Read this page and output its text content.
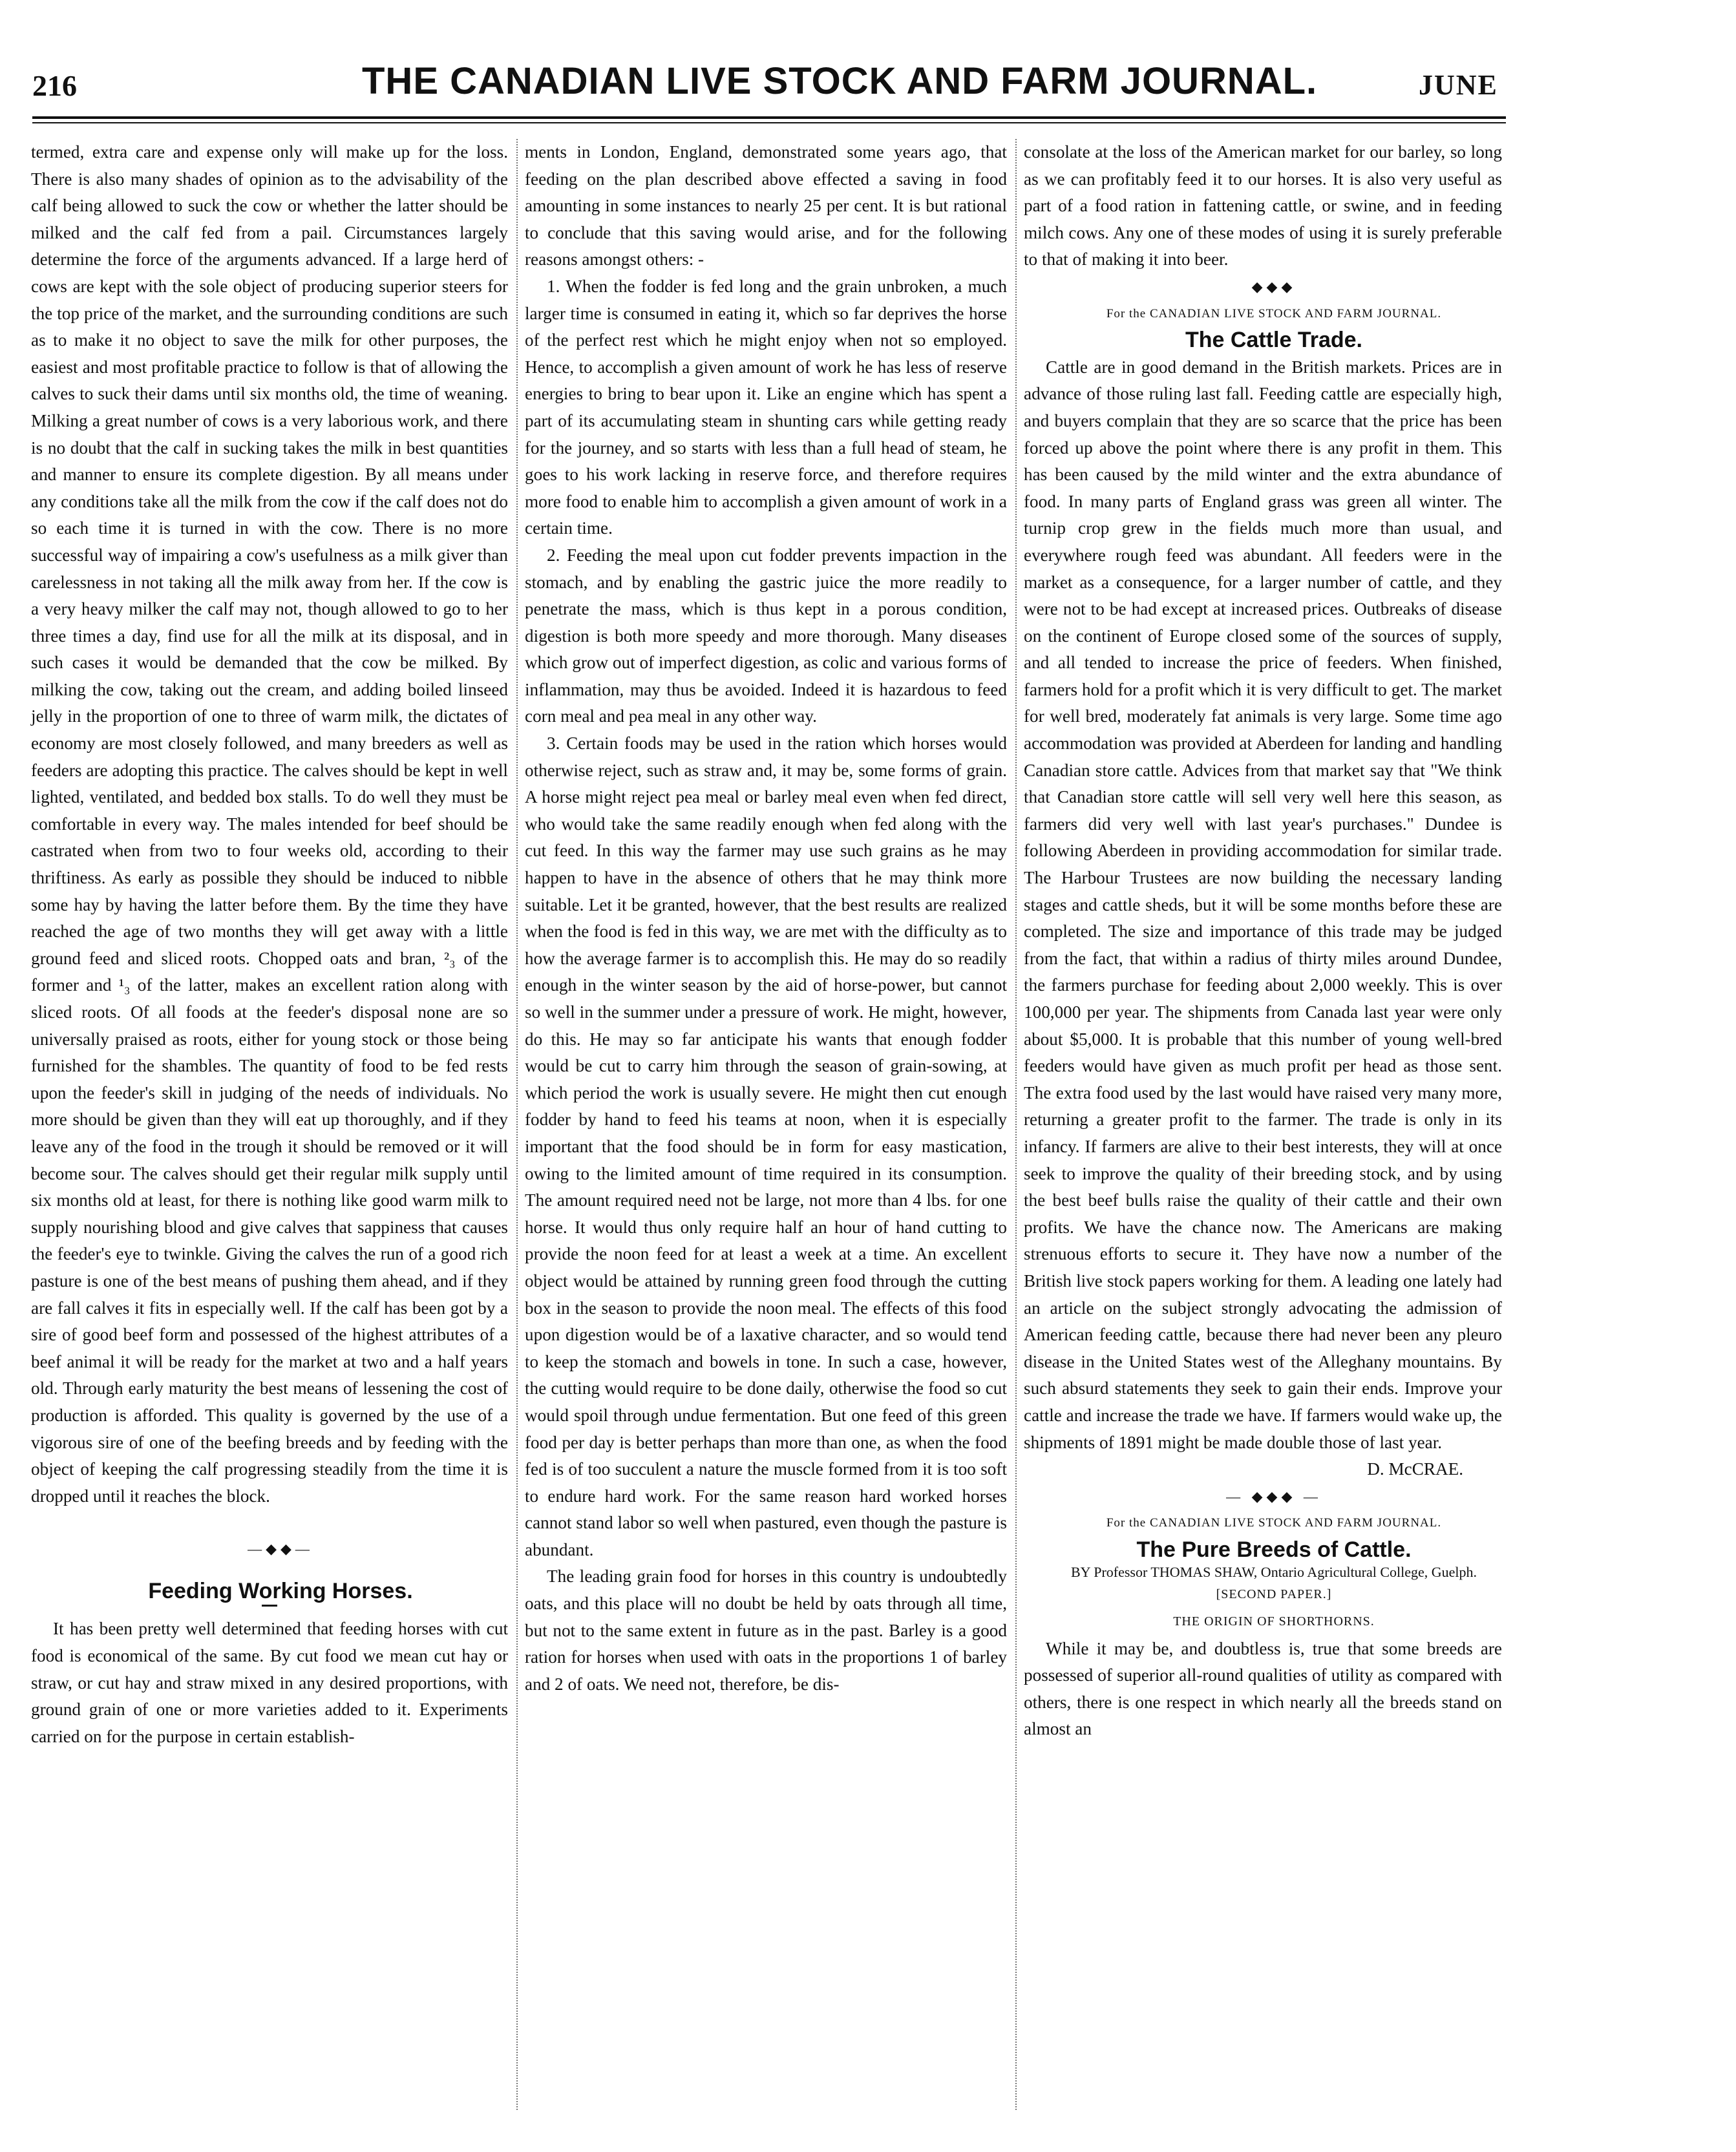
216	THE CANADIAN LIVE STOCK AND FARM JOURNAL.	JUNE

termed, extra care and expense only will make up for the loss. There is also many shades of opinion as to the advisability of the calf being allowed to suck the cow or whether the latter should be milked and the calf fed from a pail. Circumstances largely determine the force of the arguments advanced. If a large herd of cows are kept with the sole object of producing superior steers for the top price of the market, and the surrounding conditions are such as to make it no object to save the milk for other purposes, the easiest and most profitable practice to follow is that of allowing the calves to suck their dams until six months old, the time of weaning. Milking a great number of cows is a very laborious work, and there is no doubt that the calf in sucking takes the milk in best quantities and manner to ensure its complete digestion. By all means under any conditions take all the milk from the cow if the calf does not do so each time it is turned in with the cow. There is no more successful way of impairing a cow's usefulness as a milk giver than carelessness in not taking all the milk away from her. If the cow is a very heavy milker the calf may not, though allowed to go to her three times a day, find use for all the milk at its disposal, and in such cases it would be demanded that the cow be milked. By milking the cow, taking out the cream, and adding boiled linseed jelly in the proportion of one to three of warm milk, the dictates of economy are most closely followed, and many breeders as well as feeders are adopting this practice. The calves should be kept in well lighted, ventilated, and bedded box stalls. To do well they must be comfortable in every way. The males intended for beef should be castrated when from two to four weeks old, according to their thriftiness. As early as possible they should be induced to nibble some hay by having the latter before them. By the time they have reached the age of two months they will get away with a little ground feed and sliced roots. Chopped oats and bran, ²₃ of the former and ¹₃ of the latter, makes an excellent ration along with sliced roots. Of all foods at the feeder's disposal none are so universally praised as roots, either for young stock or those being furnished for the shambles. The quantity of food to be fed rests upon the feeder's skill in judging of the needs of individuals. No more should be given than they will eat up thoroughly, and if they leave any of the food in the trough it should be removed or it will become sour. The calves should get their regular milk supply until six months old at least, for there is nothing like good warm milk to supply nourishing blood and give calves that sappiness that causes the feeder's eye to twinkle. Giving the calves the run of a good rich pasture is one of the best means of pushing them ahead, and if they are fall calves it fits in especially well. If the calf has been got by a sire of good beef form and possessed of the highest attributes of a beef animal it will be ready for the market at two and a half years old. Through early maturity the best means of lessening the cost of production is afforded. This quality is governed by the use of a vigorous sire of one of the beefing breeds and by feeding with the object of keeping the calf progressing steadily from the time it is dropped until it reaches the block.

—◆◆—

Feeding Working Horses.

It has been pretty well determined that feeding horses with cut food is economical of the same. By cut food we mean cut hay or straw, or cut hay and straw mixed in any desired proportions, with ground grain of one or more varieties added to it. Experiments carried on for the purpose in certain establish-

ments in London, England, demonstrated some years ago, that feeding on the plan described above effected a saving in food amounting in some instances to nearly 25 per cent. It is but rational to conclude that this saving would arise, and for the following reasons amongst others: -

1. When the fodder is fed long and the grain unbroken, a much larger time is consumed in eating it, which so far deprives the horse of the perfect rest which he might enjoy when not so employed. Hence, to accomplish a given amount of work he has less of reserve energies to bring to bear upon it. Like an engine which has spent a part of its accumulating steam in shunting cars while getting ready for the journey, and so starts with less than a full head of steam, he goes to his work lacking in reserve force, and therefore requires more food to enable him to accomplish a given amount of work in a certain time.

2. Feeding the meal upon cut fodder prevents impaction in the stomach, and by enabling the gastric juice the more readily to penetrate the mass, which is thus kept in a porous condition, digestion is both more speedy and more thorough. Many diseases which grow out of imperfect digestion, as colic and various forms of inflammation, may thus be avoided. Indeed it is hazardous to feed corn meal and pea meal in any other way.

3. Certain foods may be used in the ration which horses would otherwise reject, such as straw and, it may be, some forms of grain. A horse might reject pea meal or barley meal even when fed direct, who would take the same readily enough when fed along with the cut feed. In this way the farmer may use such grains as he may happen to have in the absence of others that he may think more suitable. Let it be granted, however, that the best results are realized when the food is fed in this way, we are met with the difficulty as to how the average farmer is to accomplish this. He may do so readily enough in the winter season by the aid of horse-power, but cannot so well in the summer under a pressure of work. He might, however, do this. He may so far anticipate his wants that enough fodder would be cut to carry him through the season of grain-sowing, at which period the work is usually severe. He might then cut enough fodder by hand to feed his teams at noon, when it is especially important that the food should be in form for easy mastication, owing to the limited amount of time required in its consumption. The amount required need not be large, not more than 4 lbs. for one horse. It would thus only require half an hour of hand cutting to provide the noon feed for at least a week at a time. An excellent object would be attained by running green food through the cutting box in the season to provide the noon meal. The effects of this food upon digestion would be of a laxative character, and so would tend to keep the stomach and bowels in tone. In such a case, however, the cutting would require to be done daily, otherwise the food so cut would spoil through undue fermentation. But one feed of this green food per day is better perhaps than more than one, as when the food fed is of too succulent a nature the muscle formed from it is too soft to endure hard work. For the same reason hard worked horses cannot stand labor so well when pastured, even though the pasture is abundant.

The leading grain food for horses in this country is undoubtedly oats, and this place will no doubt be held by oats through all time, but not to the same extent in future as in the past. Barley is a good ration for horses when used with oats in the proportions 1 of barley and 2 of oats. We need not, therefore, be dis-

consolate at the loss of the American market for our barley, so long as we can profitably feed it to our horses. It is also very useful as part of a food ration in fattening cattle, or swine, and in feeding milch cows. Any one of these modes of using it is surely preferable to that of making it into beer.

◆◆◆

For the CANADIAN LIVE STOCK AND FARM JOURNAL.

The Cattle Trade.

Cattle are in good demand in the British markets. Prices are in advance of those ruling last fall. Feeding cattle are especially high, and buyers complain that they are so scarce that the price has been forced up above the point where there is any profit in them. This has been caused by the mild winter and the extra abundance of food. In many parts of England grass was green all winter. The turnip crop grew in the fields much more than usual, and everywhere rough feed was abundant. All feeders were in the market as a consequence, for a larger number of cattle, and they were not to be had except at increased prices. Outbreaks of disease on the continent of Europe closed some of the sources of supply, and all tended to increase the price of feeders. When finished, farmers hold for a profit which it is very difficult to get. The market for well bred, moderately fat animals is very large. Some time ago accommodation was provided at Aberdeen for landing and handling Canadian store cattle. Advices from that market say that "We think that Canadian store cattle will sell very well here this season, as farmers did very well with last year's purchases." Dundee is following Aberdeen in providing accommodation for similar trade. The Harbour Trustees are now building the necessary landing stages and cattle sheds, but it will be some months before these are completed. The size and importance of this trade may be judged from the fact, that within a radius of thirty miles around Dundee, the farmers purchase for feeding about 2,000 weekly. This is over 100,000 per year. The shipments from Canada last year were only about $5,000. It is probable that this number of young well-bred feeders would have given as much profit per head as those sent. The extra food used by the last would have raised very many more, returning a greater profit to the farmer. The trade is only in its infancy. If farmers are alive to their best interests, they will at once seek to improve the quality of their breeding stock, and by using the best beef bulls raise the quality of their cattle and their own profits. We have the chance now. The Americans are making strenuous efforts to secure it. They have now a number of the British live stock papers working for them. A leading one lately had an article on the subject strongly advocating the admission of American feeding cattle, because there had never been any pleuro disease in the United States west of the Alleghany mountains. By such absurd statements they seek to gain their ends. Improve your cattle and increase the trade we have. If farmers would wake up, the shipments of 1891 might be made double those of last year.

D. McCRAE.

— ◆◆◆ —

For the CANADIAN LIVE STOCK AND FARM JOURNAL.

The Pure Breeds of Cattle.

BY Professor THOMAS SHAW, Ontario Agricultural College, Guelph.

[SECOND PAPER.]

THE ORIGIN OF SHORTHORNS.

While it may be, and doubtless is, true that some breeds are possessed of superior all-round qualities of utility as compared with others, there is one respect in which nearly all the breeds stand on almost an
